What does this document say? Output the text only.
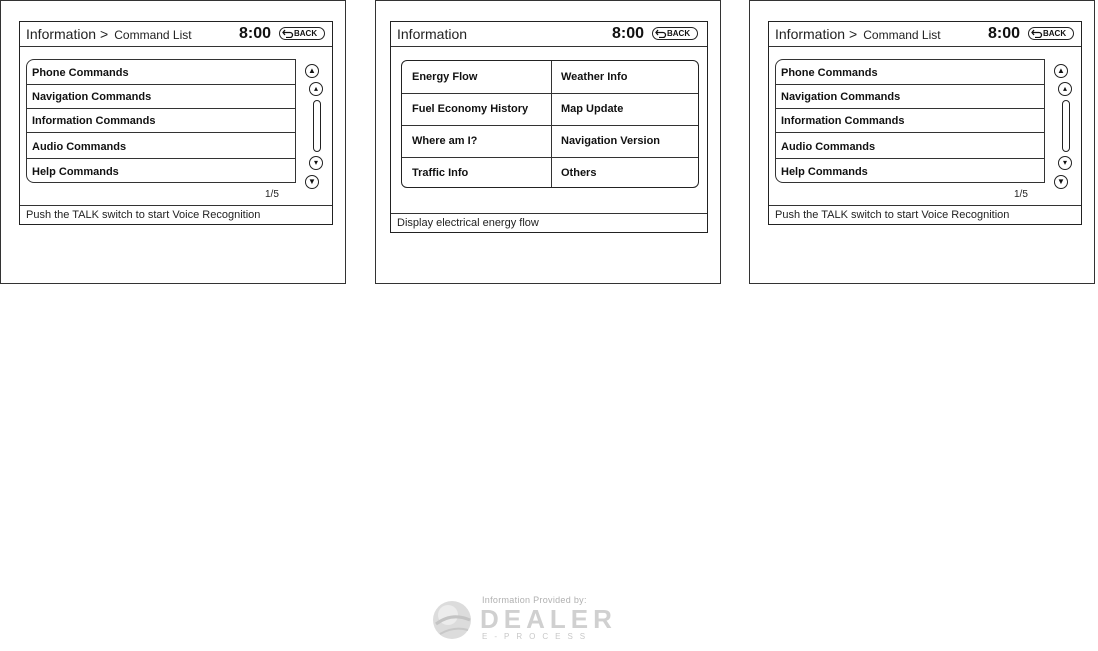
Information > Command List	8:00	BACK
Phone Commands
Navigation Commands
Information Commands
Audio Commands
Help Commands
1/5
▲
▴
▾
▼
Push the TALK switch to start Voice Recognition
Information	8:00	BACK
Energy Flow
Fuel Economy History
Where am I?
Traffic Info
Weather Info
Map Update
Navigation Version
Others
Display electrical energy flow
Information > Command List	8:00	BACK
Phone Commands
Navigation Commands
Information Commands
Audio Commands
Help Commands
1/5
▲
▴
▾
▼
Push the TALK switch to start Voice Recognition
Information Provided by:
DEALER
E-PROCESS
